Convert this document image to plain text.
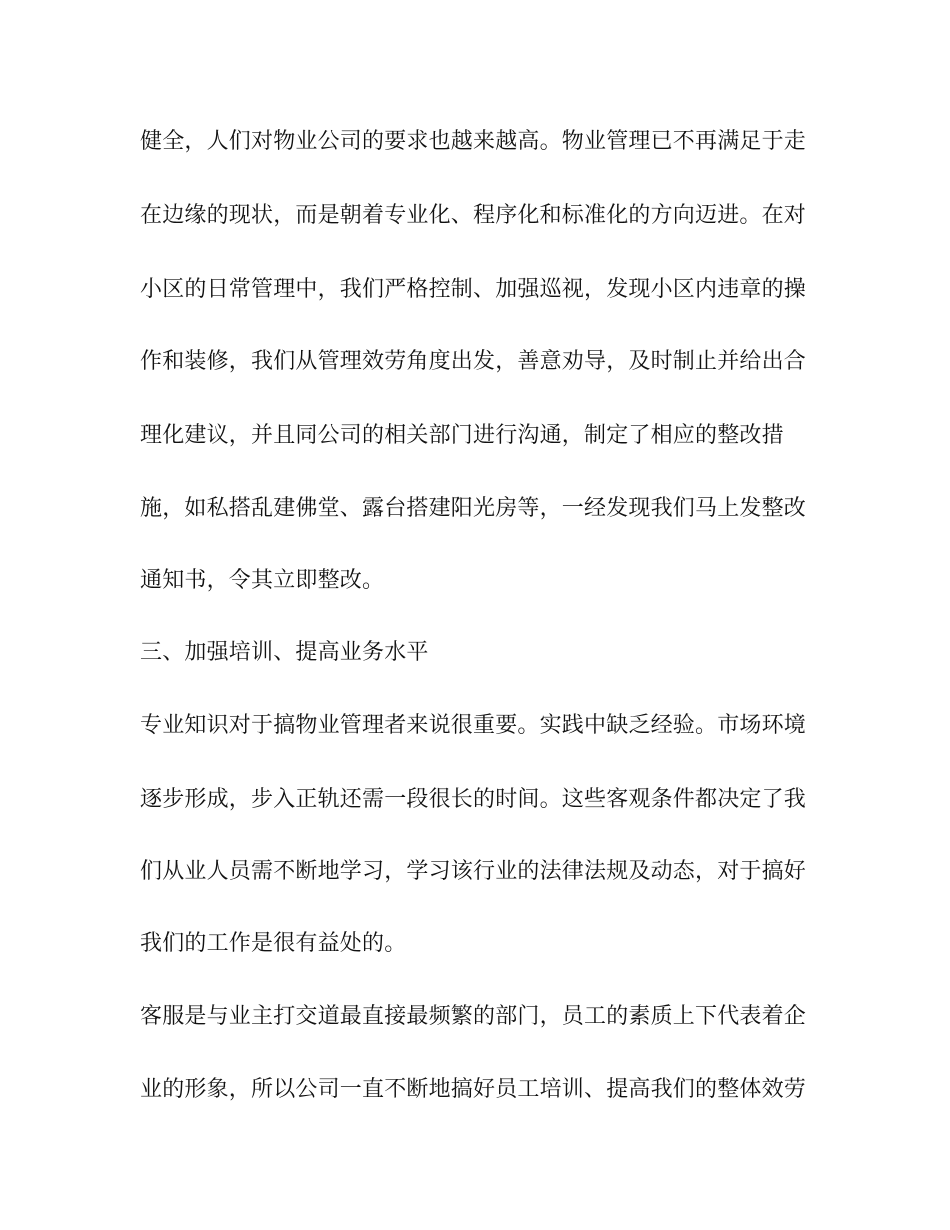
健全，人们对物业公司的要求也越来越高。物业管理已不再满足于走
在边缘的现状，而是朝着专业化、程序化和标准化的方向迈进。在对
小区的日常管理中，我们严格控制、加强巡视，发现小区内违章的操
作和装修，我们从管理效劳角度出发，善意劝导，及时制止并给出合
理化建议，并且同公司的相关部门进行沟通，制定了相应的整改措
施，如私搭乱建佛堂、露台搭建阳光房等，一经发现我们马上发整改
通知书，令其立即整改。
三、加强培训、提高业务水平
专业知识对于搞物业管理者来说很重要。实践中缺乏经验。市场环境
逐步形成，步入正轨还需一段很长的时间。这些客观条件都决定了我
们从业人员需不断地学习，学习该行业的法律法规及动态，对于搞好
我们的工作是很有益处的。
客服是与业主打交道最直接最频繁的部门，员工的素质上下代表着企
业的形象，所以公司一直不断地搞好员工培训、提高我们的整体效劳
